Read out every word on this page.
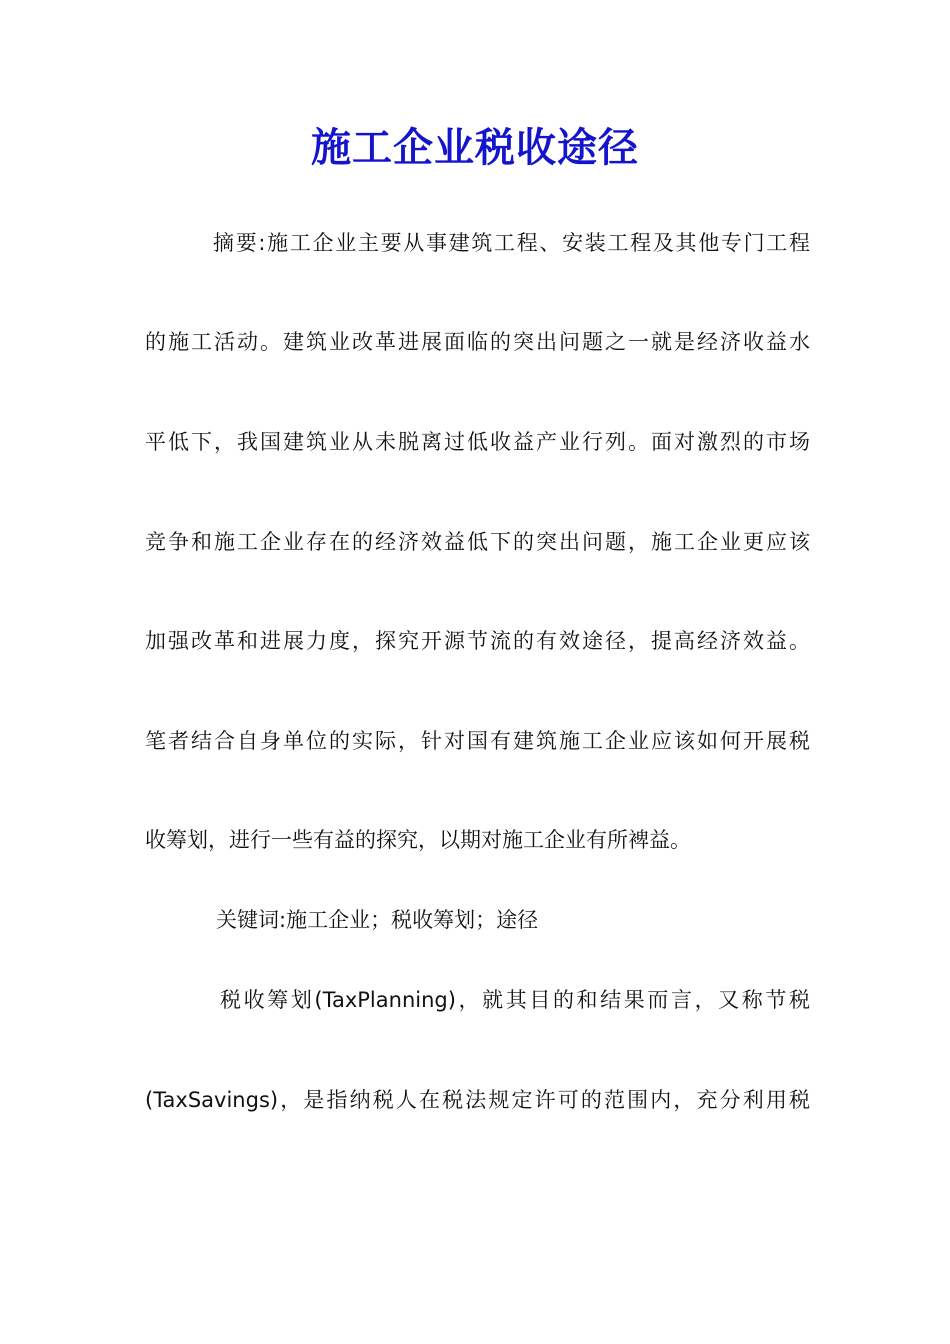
施工企业税收途径

摘要:施工企业主要从事建筑工程、安装工程及其他专门工程

的施工活动。建筑业改革进展面临的突出问题之一就是经济收益水

平低下，我国建筑业从未脱离过低收益产业行列。面对激烈的市场

竞争和施工企业存在的经济效益低下的突出问题，施工企业更应该

加强改革和进展力度，探究开源节流的有效途径，提高经济效益。

笔者结合自身单位的实际，针对国有建筑施工企业应该如何开展税

收筹划，进行一些有益的探究，以期对施工企业有所裨益。

关键词:施工企业；税收筹划；途径

税收筹划(TaxPlanning)，就其目的和结果而言，又称节税

(TaxSavings)，是指纳税人在税法规定许可的范围内，充分利用税
